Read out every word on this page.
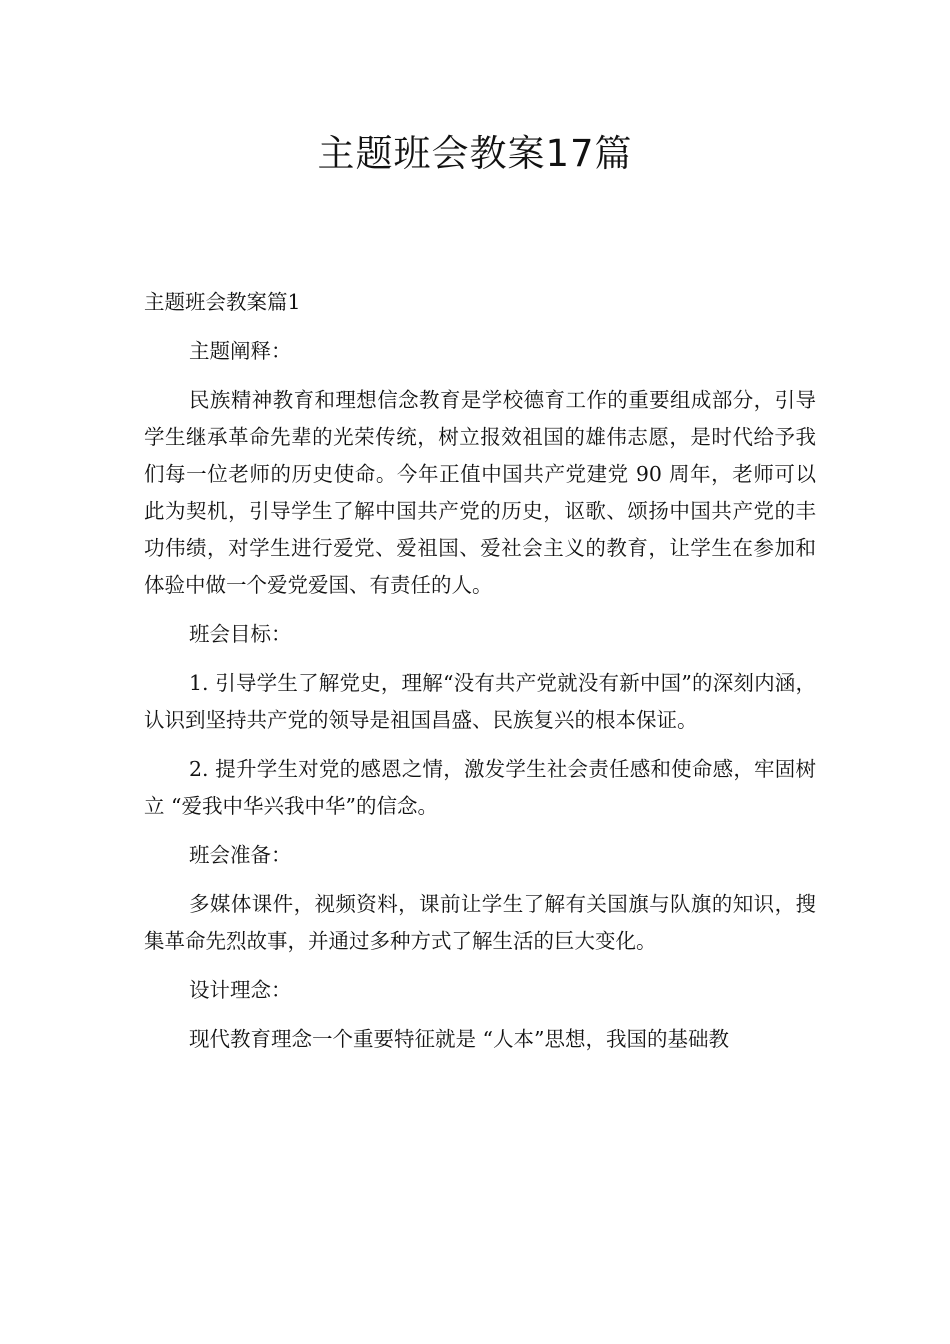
主题班会教案17篇

主题班会教案篇1

主题阐释：

民族精神教育和理想信念教育是学校德育工作的重要组成部分，引导学生继承革命先辈的光荣传统，树立报效祖国的雄伟志愿，是时代给予我们每一位老师的历史使命。今年正值中国共产党建党 90 周年，老师可以此为契机，引导学生了解中国共产党的历史，讴歌、颂扬中国共产党的丰功伟绩，对学生进行爱党、爱祖国、爱社会主义的教育，让学生在参加和体验中做一个爱党爱国、有责任的人。

班会目标：

1. 引导学生了解党史，理解“没有共产党就没有新中国”的深刻内涵，认识到坚持共产党的领导是祖国昌盛、民族复兴的根本保证。

2. 提升学生对党的感恩之情，激发学生社会责任感和使命感，牢固树立 “爱我中华兴我中华”的信念。

班会准备：

多媒体课件，视频资料，课前让学生了解有关国旗与队旗的知识，搜集革命先烈故事，并通过多种方式了解生活的巨大变化。

设计理念：

现代教育理念一个重要特征就是 “人本”思想，我国的基础教
